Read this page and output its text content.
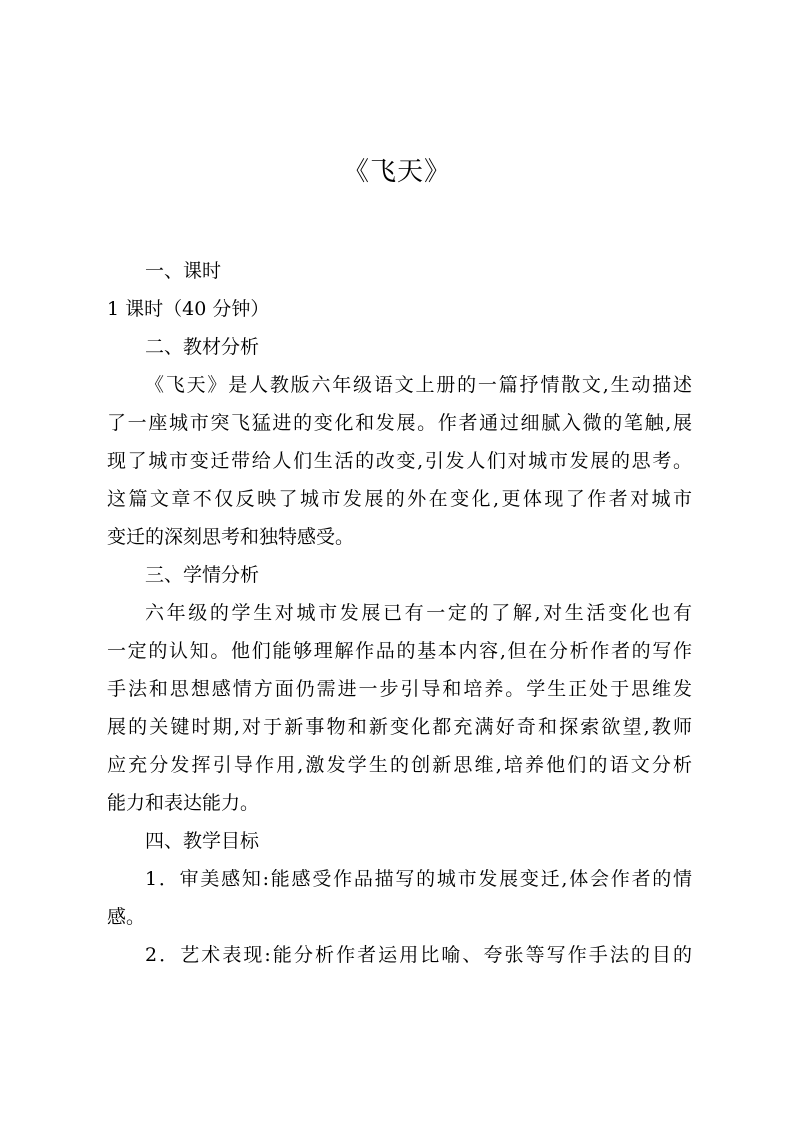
《飞天》
一、课时
1 课时（40 分钟）
二、教材分析
《飞天》是人教版六年级语文上册的一篇抒情散文,生动描述
了一座城市突飞猛进的变化和发展。作者通过细腻入微的笔触,展
现了城市变迁带给人们生活的改变,引发人们对城市发展的思考。
这篇文章不仅反映了城市发展的外在变化,更体现了作者对城市
变迁的深刻思考和独特感受。
三、学情分析
六年级的学生对城市发展已有一定的了解,对生活变化也有
一定的认知。他们能够理解作品的基本内容,但在分析作者的写作
手法和思想感情方面仍需进一步引导和培养。学生正处于思维发
展的关键时期,对于新事物和新变化都充满好奇和探索欲望,教师
应充分发挥引导作用,激发学生的创新思维,培养他们的语文分析
能力和表达能力。
四、教学目标
1．审美感知:能感受作品描写的城市发展变迁,体会作者的情
感。
2．艺术表现:能分析作者运用比喻、夸张等写作手法的目的
